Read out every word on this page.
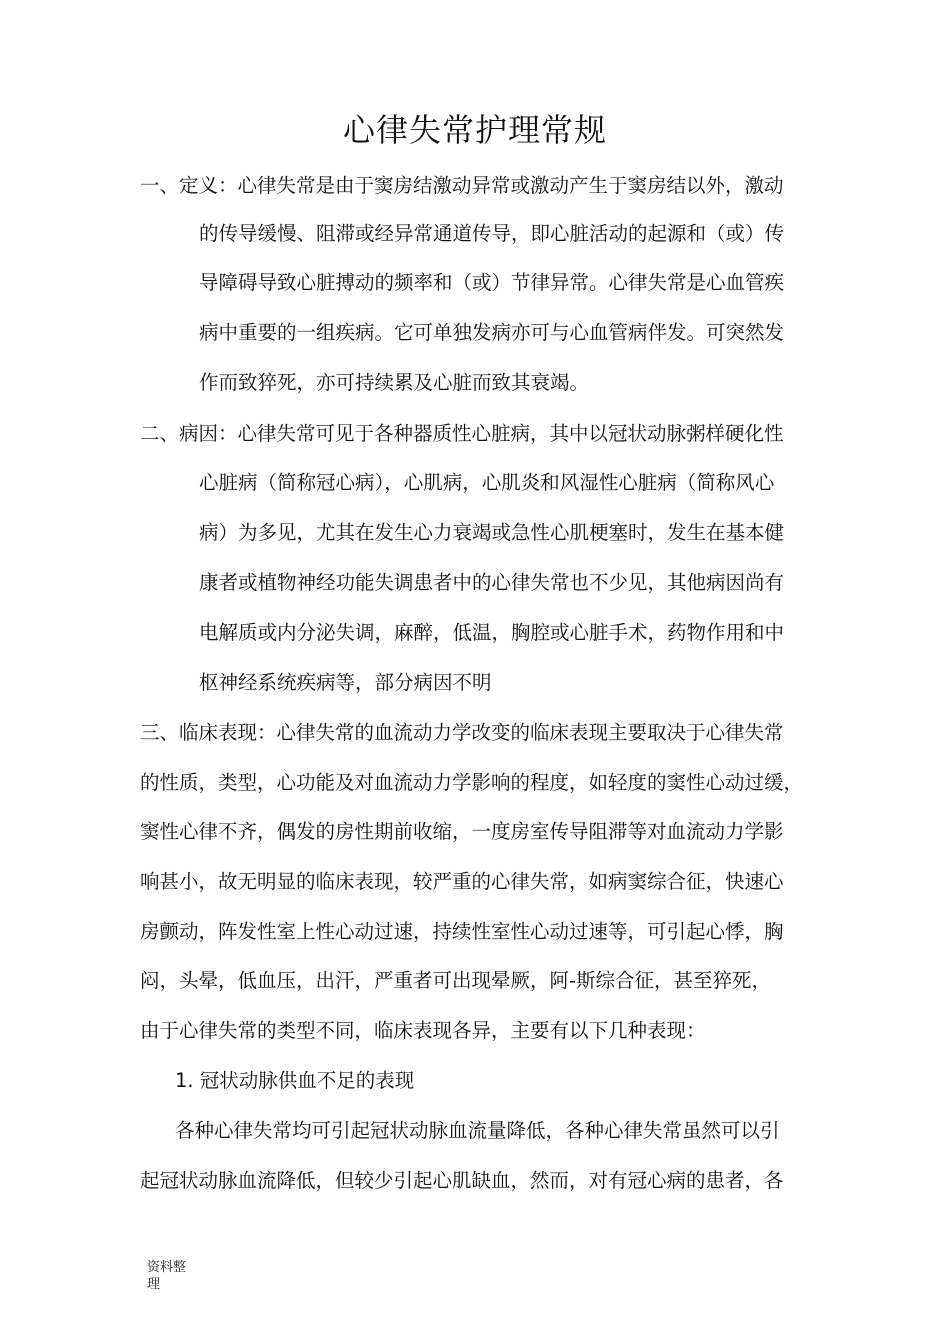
心律失常护理常规
一、定义：心律失常是由于窦房结激动异常或激动产生于窦房结以外，激动
的传导缓慢、阻滞或经异常通道传导，即心脏活动的起源和（或）传
导障碍导致心脏搏动的频率和（或）节律异常。心律失常是心血管疾
病中重要的一组疾病。它可单独发病亦可与心血管病伴发。可突然发
作而致猝死，亦可持续累及心脏而致其衰竭。
二、病因：心律失常可见于各种器质性心脏病，其中以冠状动脉粥样硬化性
心脏病（简称冠心病），心肌病，心肌炎和风湿性心脏病（简称风心
病）为多见，尤其在发生心力衰竭或急性心肌梗塞时，发生在基本健
康者或植物神经功能失调患者中的心律失常也不少见，其他病因尚有
电解质或内分泌失调，麻醉，低温，胸腔或心脏手术，药物作用和中
枢神经系统疾病等，部分病因不明
三、临床表现：心律失常的血流动力学改变的临床表现主要取决于心律失常
的性质，类型，心功能及对血流动力学影响的程度，如轻度的窦性心动过缓，
窦性心律不齐，偶发的房性期前收缩，一度房室传导阻滞等对血流动力学影
响甚小，故无明显的临床表现，较严重的心律失常，如病窦综合征，快速心
房颤动，阵发性室上性心动过速，持续性室性心动过速等，可引起心悸，胸
闷，头晕，低血压，出汗，严重者可出现晕厥，阿-斯综合征，甚至猝死，
由于心律失常的类型不同，临床表现各异，主要有以下几种表现：
1. 冠状动脉供血不足的表现
各种心律失常均可引起冠状动脉血流量降低，各种心律失常虽然可以引
起冠状动脉血流降低，但较少引起心肌缺血，然而，对有冠心病的患者，各
资料整理
